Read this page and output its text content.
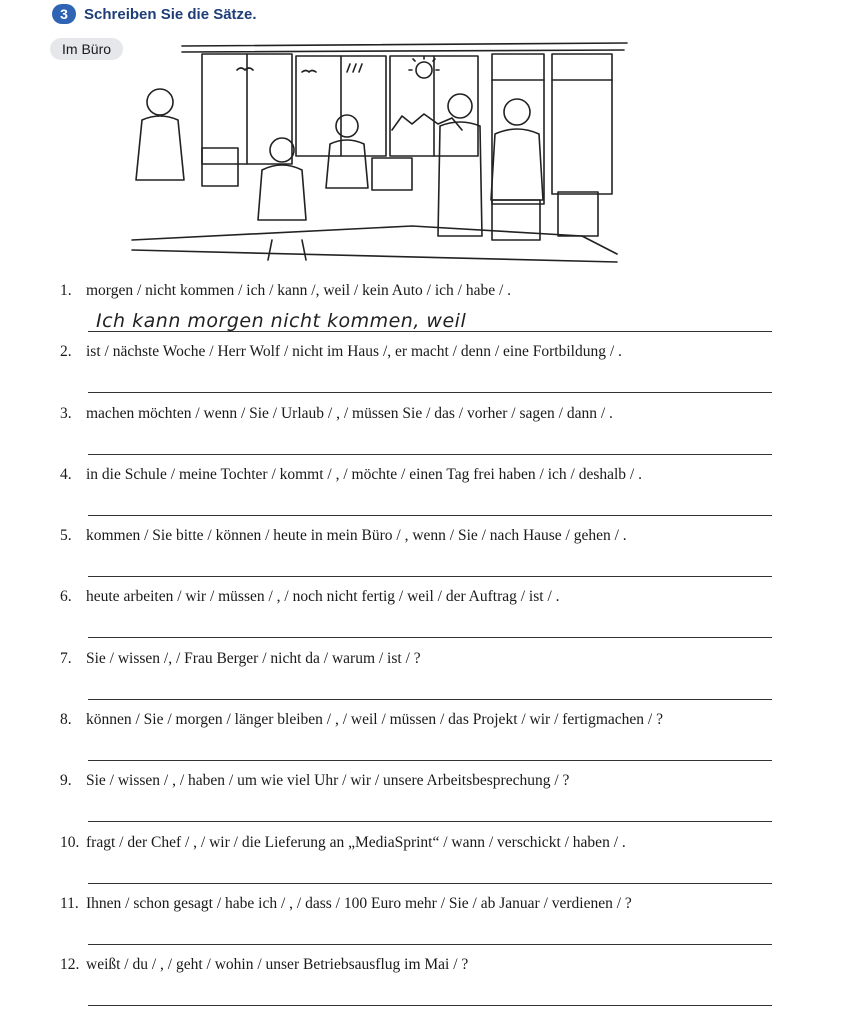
3	Schreiben Sie die Sätze.
Im Büro
1. morgen / nicht kommen / ich / kann /, weil / kein Auto / ich / habe / .
Ich kann morgen nicht kommen, weil
2. ist / nächste Woche / Herr Wolf / nicht im Haus /, er macht / denn / eine Fortbildung / .
3. machen möchten / wenn / Sie / Urlaub / , / müssen Sie / das / vorher / sagen / dann / .
4. in die Schule / meine Tochter / kommt / , / möchte / einen Tag frei haben / ich / deshalb / .
5. kommen / Sie bitte / können / heute in mein Büro / , wenn / Sie / nach Hause / gehen / .
6. heute arbeiten / wir / müssen / , / noch nicht fertig / weil / der Auftrag / ist / .
7. Sie / wissen /, / Frau Berger / nicht da / warum / ist / ?
8. können / Sie / morgen / länger bleiben / , / weil / müssen / das Projekt / wir / fertigmachen / ?
9. Sie / wissen / , / haben / um wie viel Uhr / wir / unsere Arbeitsbesprechung / ?
10. fragt / der Chef / , / wir / die Lieferung an „MediaSprint“ / wann / verschickt / haben / .
11. Ihnen / schon gesagt / habe ich / , / dass / 100 Euro mehr / Sie / ab Januar / verdienen / ?
12. weißt / du / , / geht / wohin / unser Betriebsausflug im Mai / ?
